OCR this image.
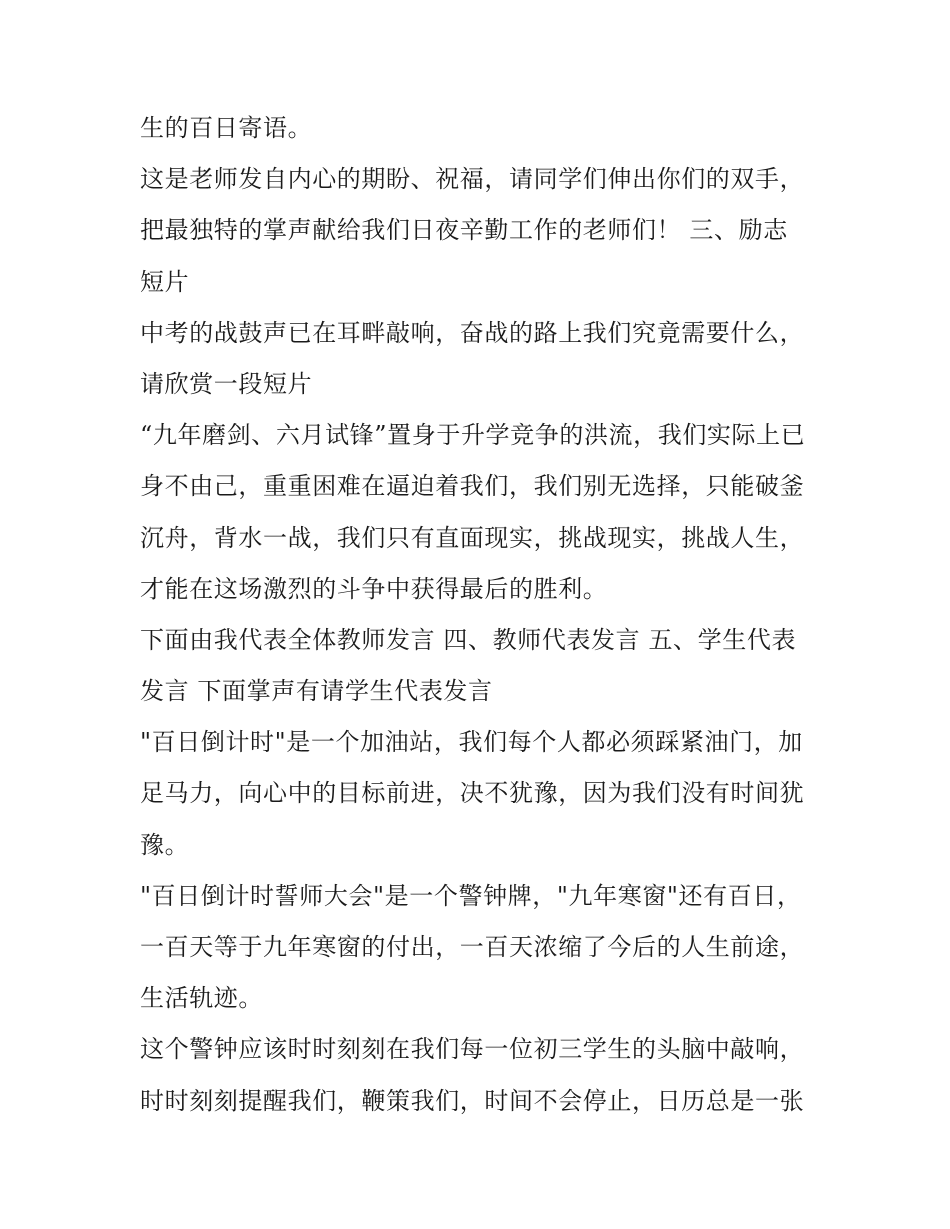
生的百日寄语。
这是老师发自内心的期盼、祝福，请同学们伸出你们的双手，
把最独特的掌声献给我们日夜辛勤工作的老师们！ 三、励志
短片
中考的战鼓声已在耳畔敲响，奋战的路上我们究竟需要什么，
请欣赏一段短片
“九年磨剑、六月试锋”置身于升学竞争的洪流，我们实际上已
身不由己，重重困难在逼迫着我们，我们别无选择，只能破釜
沉舟，背水一战，我们只有直面现实，挑战现实，挑战人生，
才能在这场激烈的斗争中获得最后的胜利。
下面由我代表全体教师发言 四、教师代表发言 五、学生代表
发言 下面掌声有请学生代表发言
"百日倒计时"是一个加油站，我们每个人都必须踩紧油门，加
足马力，向心中的目标前进，决不犹豫，因为我们没有时间犹
豫。
"百日倒计时誓师大会"是一个警钟牌，"九年寒窗"还有百日，
一百天等于九年寒窗的付出，一百天浓缩了今后的人生前途，
生活轨迹。
这个警钟应该时时刻刻在我们每一位初三学生的头脑中敲响，
时时刻刻提醒我们，鞭策我们，时间不会停止，日历总是一张
